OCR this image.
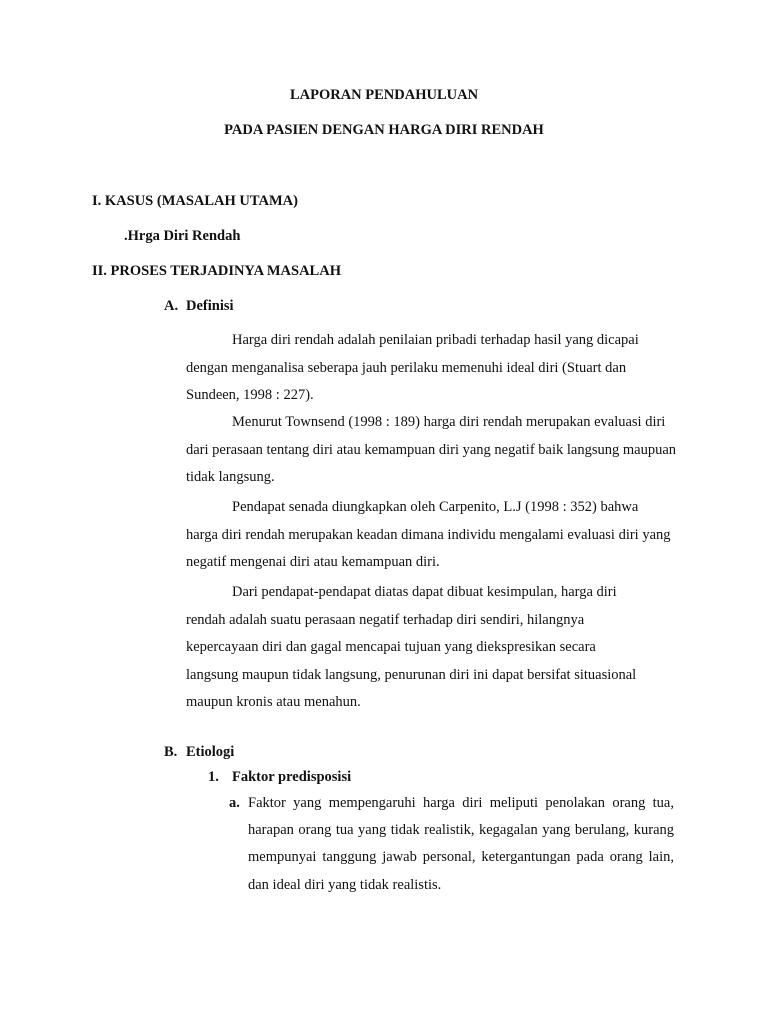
LAPORAN PENDAHULUAN

PADA PASIEN DENGAN HARGA DIRI RENDAH

I. KASUS (MASALAH UTAMA)

.Hrga Diri Rendah

II. PROSES TERJADINYA MASALAH

A. Definisi

Harga diri rendah adalah penilaian pribadi terhadap hasil yang dicapai dengan menganalisa seberapa jauh perilaku memenuhi ideal diri (Stuart dan Sundeen, 1998 : 227).

Menurut Townsend (1998 : 189) harga diri rendah merupakan evaluasi diri dari perasaan tentang diri atau kemampuan diri yang negatif baik langsung maupuan tidak langsung.

Pendapat senada diungkapkan oleh Carpenito, L.J (1998 : 352) bahwa harga diri rendah merupakan keadan dimana individu mengalami evaluasi diri yang negatif mengenai diri atau kemampuan diri.

Dari pendapat-pendapat diatas dapat dibuat kesimpulan, harga diri rendah adalah suatu perasaan negatif terhadap diri sendiri, hilangnya kepercayaan diri dan gagal mencapai tujuan yang diekspresikan secara langsung maupun tidak langsung, penurunan diri ini dapat bersifat situasional maupun kronis atau menahun.

B. Etiologi

1. Faktor predisposisi

a. Faktor yang mempengaruhi harga diri meliputi penolakan orang tua, harapan orang tua yang tidak realistik, kegagalan yang berulang, kurang mempunyai tanggung jawab personal, ketergantungan pada orang lain, dan ideal diri yang tidak realistis.
